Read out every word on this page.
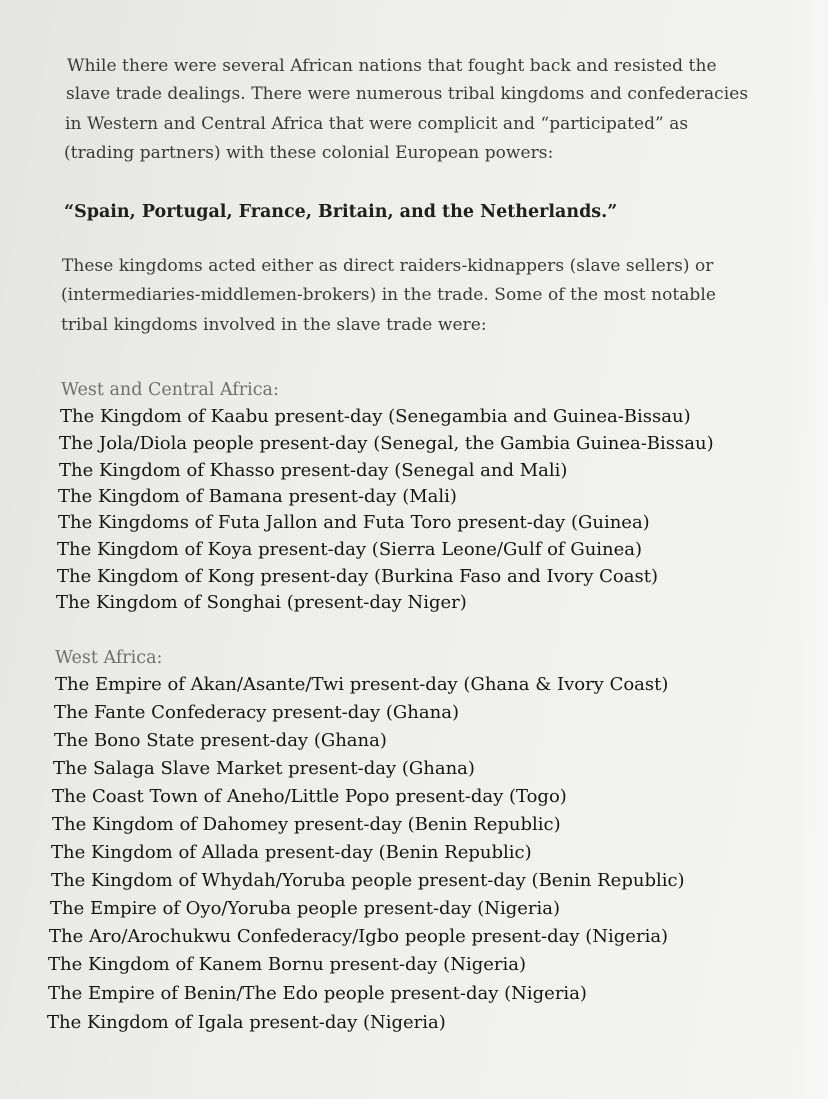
While there were several African nations that fought back and resisted the

slave trade dealings. There were numerous tribal kingdoms and confederacies

in Western and Central Africa that were complicit and “participated” as

(trading partners) with these colonial European powers:

“Spain, Portugal, France, Britain, and the Netherlands.”

These kingdoms acted either as direct raiders-kidnappers (slave sellers) or

(intermediaries-middlemen-brokers) in the trade. Some of the most notable

tribal kingdoms involved in the slave trade were:

West and Central Africa:

The Kingdom of Kaabu present-day (Senegambia and Guinea-Bissau)

The Jola/Diola people present-day (Senegal, the Gambia Guinea-Bissau)

The Kingdom of Khasso present-day (Senegal and Mali)

The Kingdom of Bamana present-day (Mali)

The Kingdoms of Futa Jallon and Futa Toro present-day (Guinea)

The Kingdom of Koya present-day (Sierra Leone/Gulf of Guinea)

The Kingdom of Kong present-day (Burkina Faso and Ivory Coast)

The Kingdom of Songhai (present-day Niger)

West Africa:

The Empire of Akan/Asante/Twi present-day (Ghana & Ivory Coast)

The Fante Confederacy present-day (Ghana)

The Bono State present-day (Ghana)

The Salaga Slave Market present-day (Ghana)

The Coast Town of Aneho/Little Popo present-day (Togo)

The Kingdom of Dahomey present-day (Benin Republic)

The Kingdom of Allada present-day (Benin Republic)

The Kingdom of Whydah/Yoruba people present-day (Benin Republic)

The Empire of Oyo/Yoruba people present-day (Nigeria)

The Aro/Arochukwu Confederacy/Igbo people present-day (Nigeria)

The Kingdom of Kanem Bornu present-day (Nigeria)

The Empire of Benin/The Edo people present-day (Nigeria)

The Kingdom of Igala present-day (Nigeria)
